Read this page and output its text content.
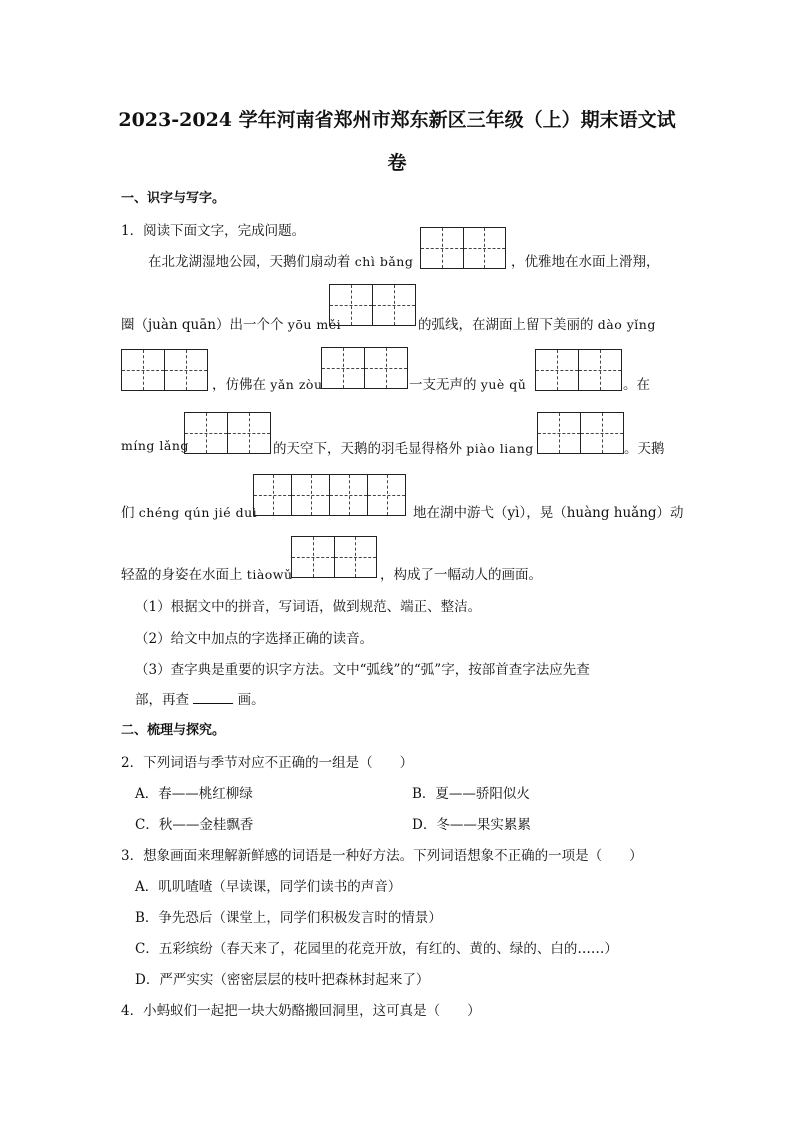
2023-2024 学年河南省郑州市郑东新区三年级（上）期末语文试
卷
一、识字与写字。
1．阅读下面文字，完成问题。
在北龙湖湿地公园，天鹅们扇动着 chì bǎng	，优雅地在水面上滑翔，
圈（juàn quān）出一个个 yōu měi	的弧线，在湖面上留下美丽的 dào yǐng
，仿佛在 yǎn zòu	一支无声的 yuè qǔ	。在
míng lǎng	的天空下，天鹅的羽毛显得格外 piào liang	。天鹅
们 chéng qún jié duì	地在湖中游弋（yì），晃（huàng huǎng）动
轻盈的身姿在水面上 tiàowǔ	，构成了一幅动人的画面。
（1）根据文中的拼音，写词语，做到规范、端正、整洁。
（2）给文中加点的字选择正确的读音。
（3）查字典是重要的识字方法。文中“弧线”的“弧”字，按部首查字法应先查
部，再查	画。
二、梳理与探究。
2．下列词语与季节对应不正确的一组是（　　）
A．春——桃红柳绿	B．夏——骄阳似火
C．秋——金桂飘香	D．冬——果实累累
3．想象画面来理解新鲜感的词语是一种好方法。下列词语想象不正确的一项是（　　）
A．叽叽喳喳（早读课，同学们读书的声音）
B．争先恐后（课堂上，同学们积极发言时的情景）
C．五彩缤纷（春天来了，花园里的花竞开放，有红的、黄的、绿的、白的……）
D．严严实实（密密层层的枝叶把森林封起来了）
4．小蚂蚁们一起把一块大奶酪搬回洞里，这可真是（　　）
